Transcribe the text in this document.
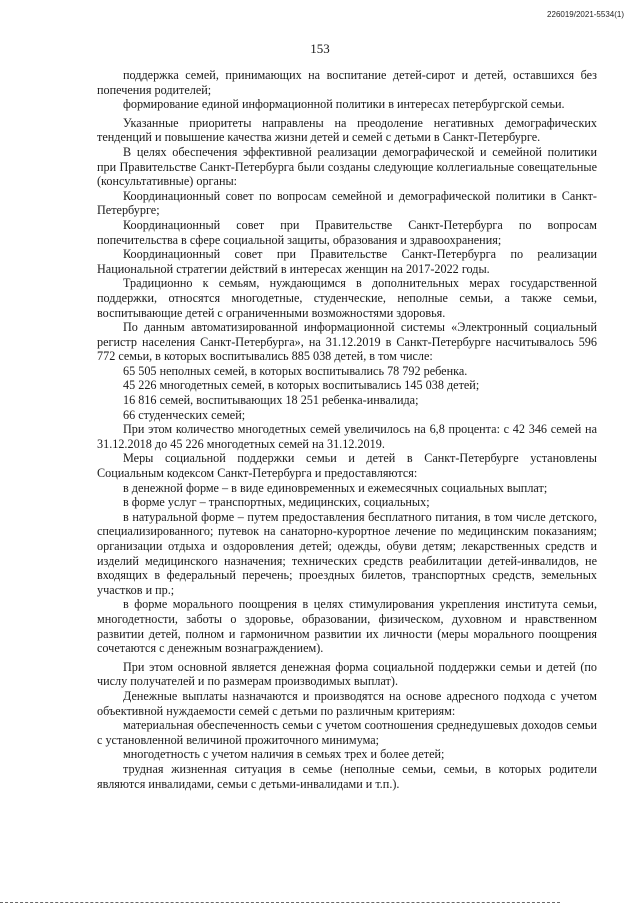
226019/2021-5534(1)
153

поддержка семей, принимающих на воспитание детей-сирот и детей, оставшихся без попечения родителей;

формирование единой информационной политики в интересах петербургской семьи.

Указанные приоритеты направлены на преодоление негативных демографических тенденций и повышение качества жизни детей и семей с детьми в Санкт-Петербурге.

В целях обеспечения эффективной реализации демографической и семейной политики при Правительстве Санкт-Петербурга были созданы следующие коллегиальные совещательные (консультативные) органы:

Координационный совет по вопросам семейной и демографической политики в Санкт-Петербурге;

Координационный совет при Правительстве Санкт-Петербурга по вопросам попечительства в сфере социальной защиты, образования и здравоохранения;

Координационный совет при Правительстве Санкт-Петербурга по реализации Национальной стратегии действий в интересах женщин на 2017-2022 годы.

Традиционно к семьям, нуждающимся в дополнительных мерах государственной поддержки, относятся многодетные, студенческие, неполные семьи, а также семьи, воспитывающие детей с ограниченными возможностями здоровья.

По данным автоматизированной информационной системы «Электронный социальный регистр населения Санкт-Петербурга», на 31.12.2019 в Санкт-Петербурге насчитывалось 596 772 семьи, в которых воспитывались 885 038 детей, в том числе:

65 505 неполных семей, в которых воспитывались 78 792 ребенка.

45 226 многодетных семей, в которых воспитывались 145 038 детей;

16 816 семей, воспитывающих 18 251 ребенка-инвалида;

66 студенческих семей;

При этом количество многодетных семей увеличилось на 6,8 процента: с 42 346 семей на 31.12.2018 до 45 226 многодетных семей на 31.12.2019.

Меры социальной поддержки семьи и детей в Санкт-Петербурге установлены Социальным кодексом Санкт-Петербурга и предоставляются:

в денежной форме – в виде единовременных и ежемесячных социальных выплат;

в форме услуг – транспортных, медицинских, социальных;

в натуральной форме – путем предоставления бесплатного питания, в том числе детского, специализированного; путевок на санаторно-курортное лечение по медицинским показаниям; организации отдыха и оздоровления детей; одежды, обуви детям; лекарственных средств и изделий медицинского назначения; технических средств реабилитации детей-инвалидов, не входящих в федеральный перечень; проездных билетов, транспортных средств, земельных участков и пр.;

в форме морального поощрения в целях стимулирования укрепления института семьи, многодетности, заботы о здоровье, образовании, физическом, духовном и нравственном развитии детей, полном и гармоничном развитии их личности (меры морального поощрения сочетаются с денежным вознаграждением).

При этом основной является денежная форма социальной поддержки семьи и детей (по числу получателей и по размерам производимых выплат).

Денежные выплаты назначаются и производятся на основе адресного подхода с учетом объективной нуждаемости семей с детьми по различным критериям:

материальная обеспеченность семьи с учетом соотношения среднедушевых доходов семьи с установленной величиной прожиточного минимума;

многодетность с учетом наличия в семьях трех и более детей;

трудная жизненная ситуация в семье (неполные семьи, семьи, в которых родители являются инвалидами, семьи с детьми-инвалидами и т.п.).
